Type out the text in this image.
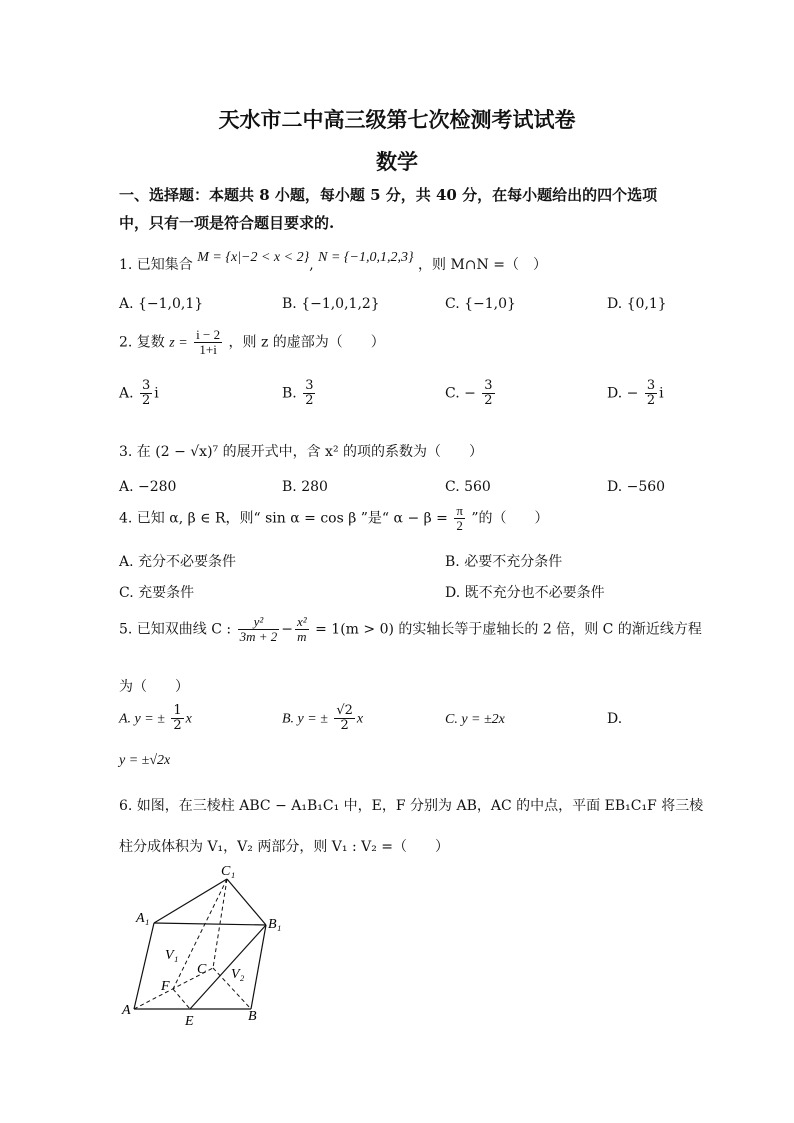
天水市二中高三级第七次检测考试试卷
数学
一、选择题：本题共 8 小题，每小题 5 分，共 40 分，在每小题给出的四个选项
中，只有一项是符合题目要求的.
1. 已知集合 M = {x|−2 < x < 2}, N = {−1,0,1,2,3} ，则 M∩N =（　）
A. {−1,0,1}	B. {−1,0,1,2}	C. {−1,0}	D. {0,1}
2. 复数 $z = \frac{i - 2}{1+i}$ ，则 z 的虚部为（　　）
A. $\frac{3}{2}$ i	B. $\frac{3}{2}$	C. − $\frac{3}{2}$	D. − $\frac{3}{2}$ i
3. 在 (2 − √x)⁷ 的展开式中，含 x² 的项的系数为（　　）
A. −280	B. 280	C. 560	D. −560
4. 已知 α, β ∈ R，则“ sin α = cos β ”是“ $\alpha - \beta = \frac{\pi}{2}$ ”的（　　）
A. 充分不必要条件	B. 必要不充分条件
C. 充要条件	D. 既不充分也不必要条件
5. 已知双曲线 C : $\frac{\text{y²}}{3m + 2} - \frac{\text{x²}}{m} = 1(m > 0)$ 的实轴长等于虚轴长的 2 倍，则 C 的渐近线方程
为（　　）
A. y = ± $\frac{1}{2}$ x	B. y = ± $\frac{√2}{2}$ x	C. y = ±2x	D.
y = ±√2x
6. 如图，在三棱柱 ABC − A₁B₁C₁ 中，E，F 分别为 AB，AC 的中点，平面 EB₁C₁F 将三棱
柱分成体积为 V₁，V₂ 两部分，则 V₁ : V₂ =（　　）
C₁
A₁	B₁
V₁
C V₂
F
A
E	B
